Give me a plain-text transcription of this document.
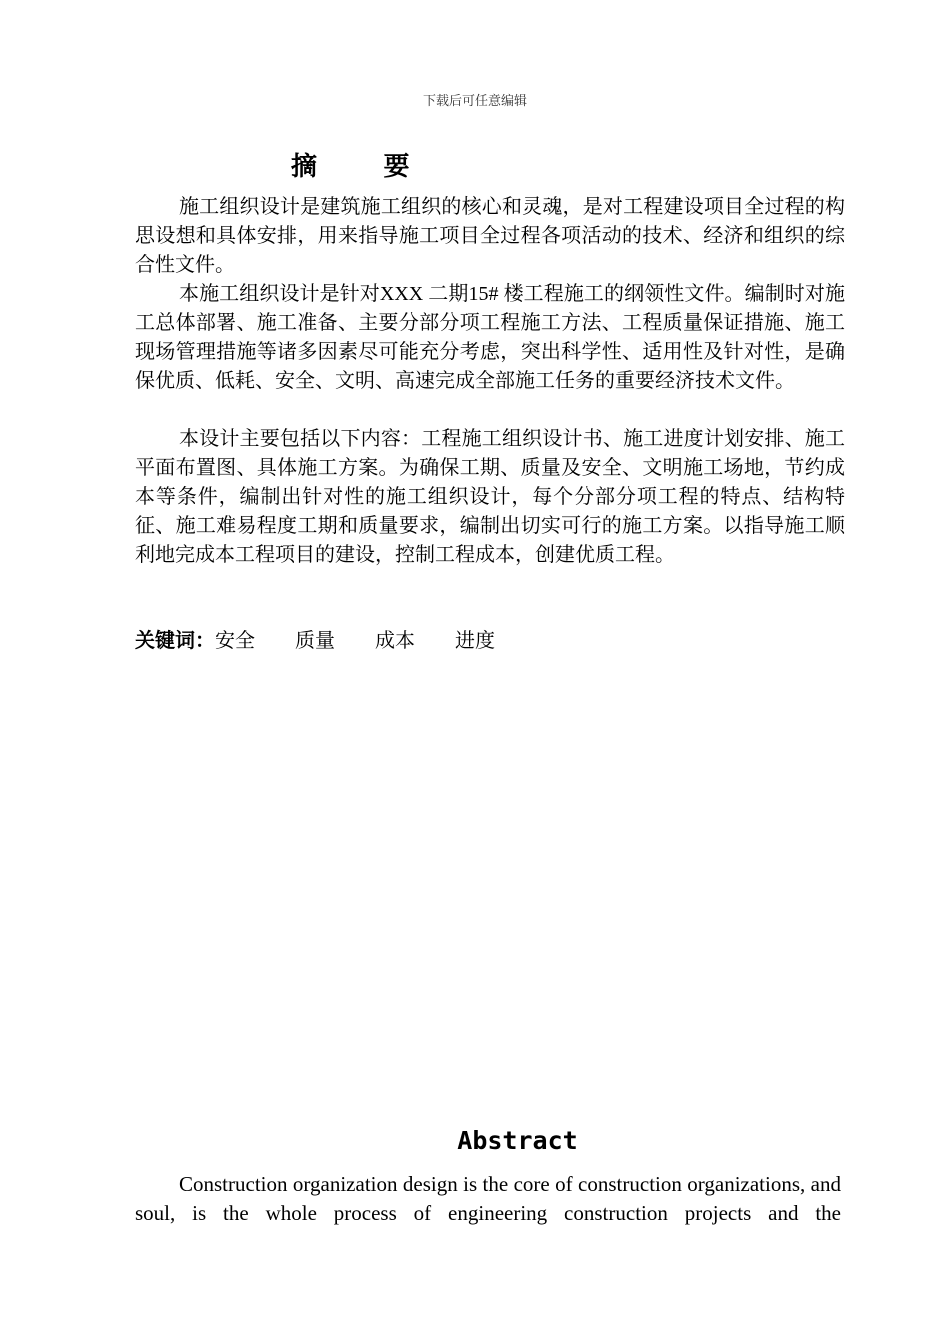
下载后可任意编辑
摘 要

施工组织设计是建筑施工组织的核心和灵魂，是对工程建设项目全过程的构思设想和具体安排，用来指导施工项目全过程各项活动的技术、经济和组织的综合性文件。

本施工组织设计是针对XXX 二期15# 楼工程施工的纲领性文件。编制时对施工总体部署、施工准备、主要分部分项工程施工方法、工程质量保证措施、施工现场管理措施等诸多因素尽可能充分考虑，突出科学性、适用性及针对性，是确保优质、低耗、安全、文明、高速完成全部施工任务的重要经济技术文件。

本设计主要包括以下内容：工程施工组织设计书、施工进度计划安排、施工平面布置图、具体施工方案。为确保工期、质量及安全、文明施工场地，节约成本等条件，编制出针对性的施工组织设计，每个分部分项工程的特点、结构特征、施工难易程度工期和质量要求，编制出切实可行的施工方案。以指导施工顺利地完成本工程项目的建设，控制工程成本，创建优质工程。

关键词：安全 质量 成本 进度
Abstract

Construction organization design is the core of construction organizations, and soul, is the whole process of engineering construction projects and the
